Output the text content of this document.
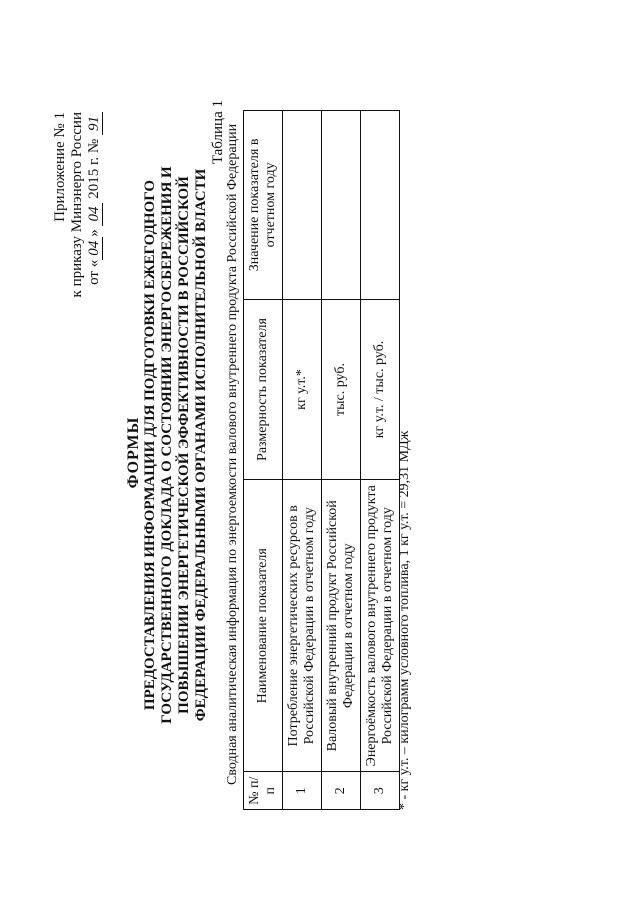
Приложение № 1 к приказу Минэнерго России от «04» 04 2015 г. № 91
ФОРМЫ ПРЕДОСТАВЛЕНИЯ ИНФОРМАЦИИ ДЛЯ ПОДГОТОВКИ ЕЖЕГОДНОГО ГОСУДАРСТВЕННОГО ДОКЛАДА О СОСТОЯНИИ ЭНЕРГОСБЕРЕЖЕНИЯ И ПОВЫШЕНИИ ЭНЕРГЕТИЧЕСКОЙ ЭФФЕКТИВНОСТИ В РОССИЙСКОЙ ФЕДЕРАЦИИ ФЕДЕРАЛЬНЫМИ ОРГАНАМИ ИСПОЛНИТЕЛЬНОЙ ВЛАСТИ
Таблица 1 Сводная аналитическая информация по энергоемкости валового внутреннего продукта Российской Федерации
№ п/п	Наименование показателя	Размерность показателя	Значение показателя в отчетном году
1	Потребление энергетических ресурсов в Российской Федерации в отчетном году	кг у.т.*	
2	Валовый внутренний продукт Российской Федерации в отчетном году	тыс. руб.	
3	Энергоёмкость валового внутреннего продукта Российской Федерации в отчетном году	кг у.т. / тыс. руб.	
* - кг у.т. – килограмм условного топлива, 1 кг у.т. = 29,31 МДж
